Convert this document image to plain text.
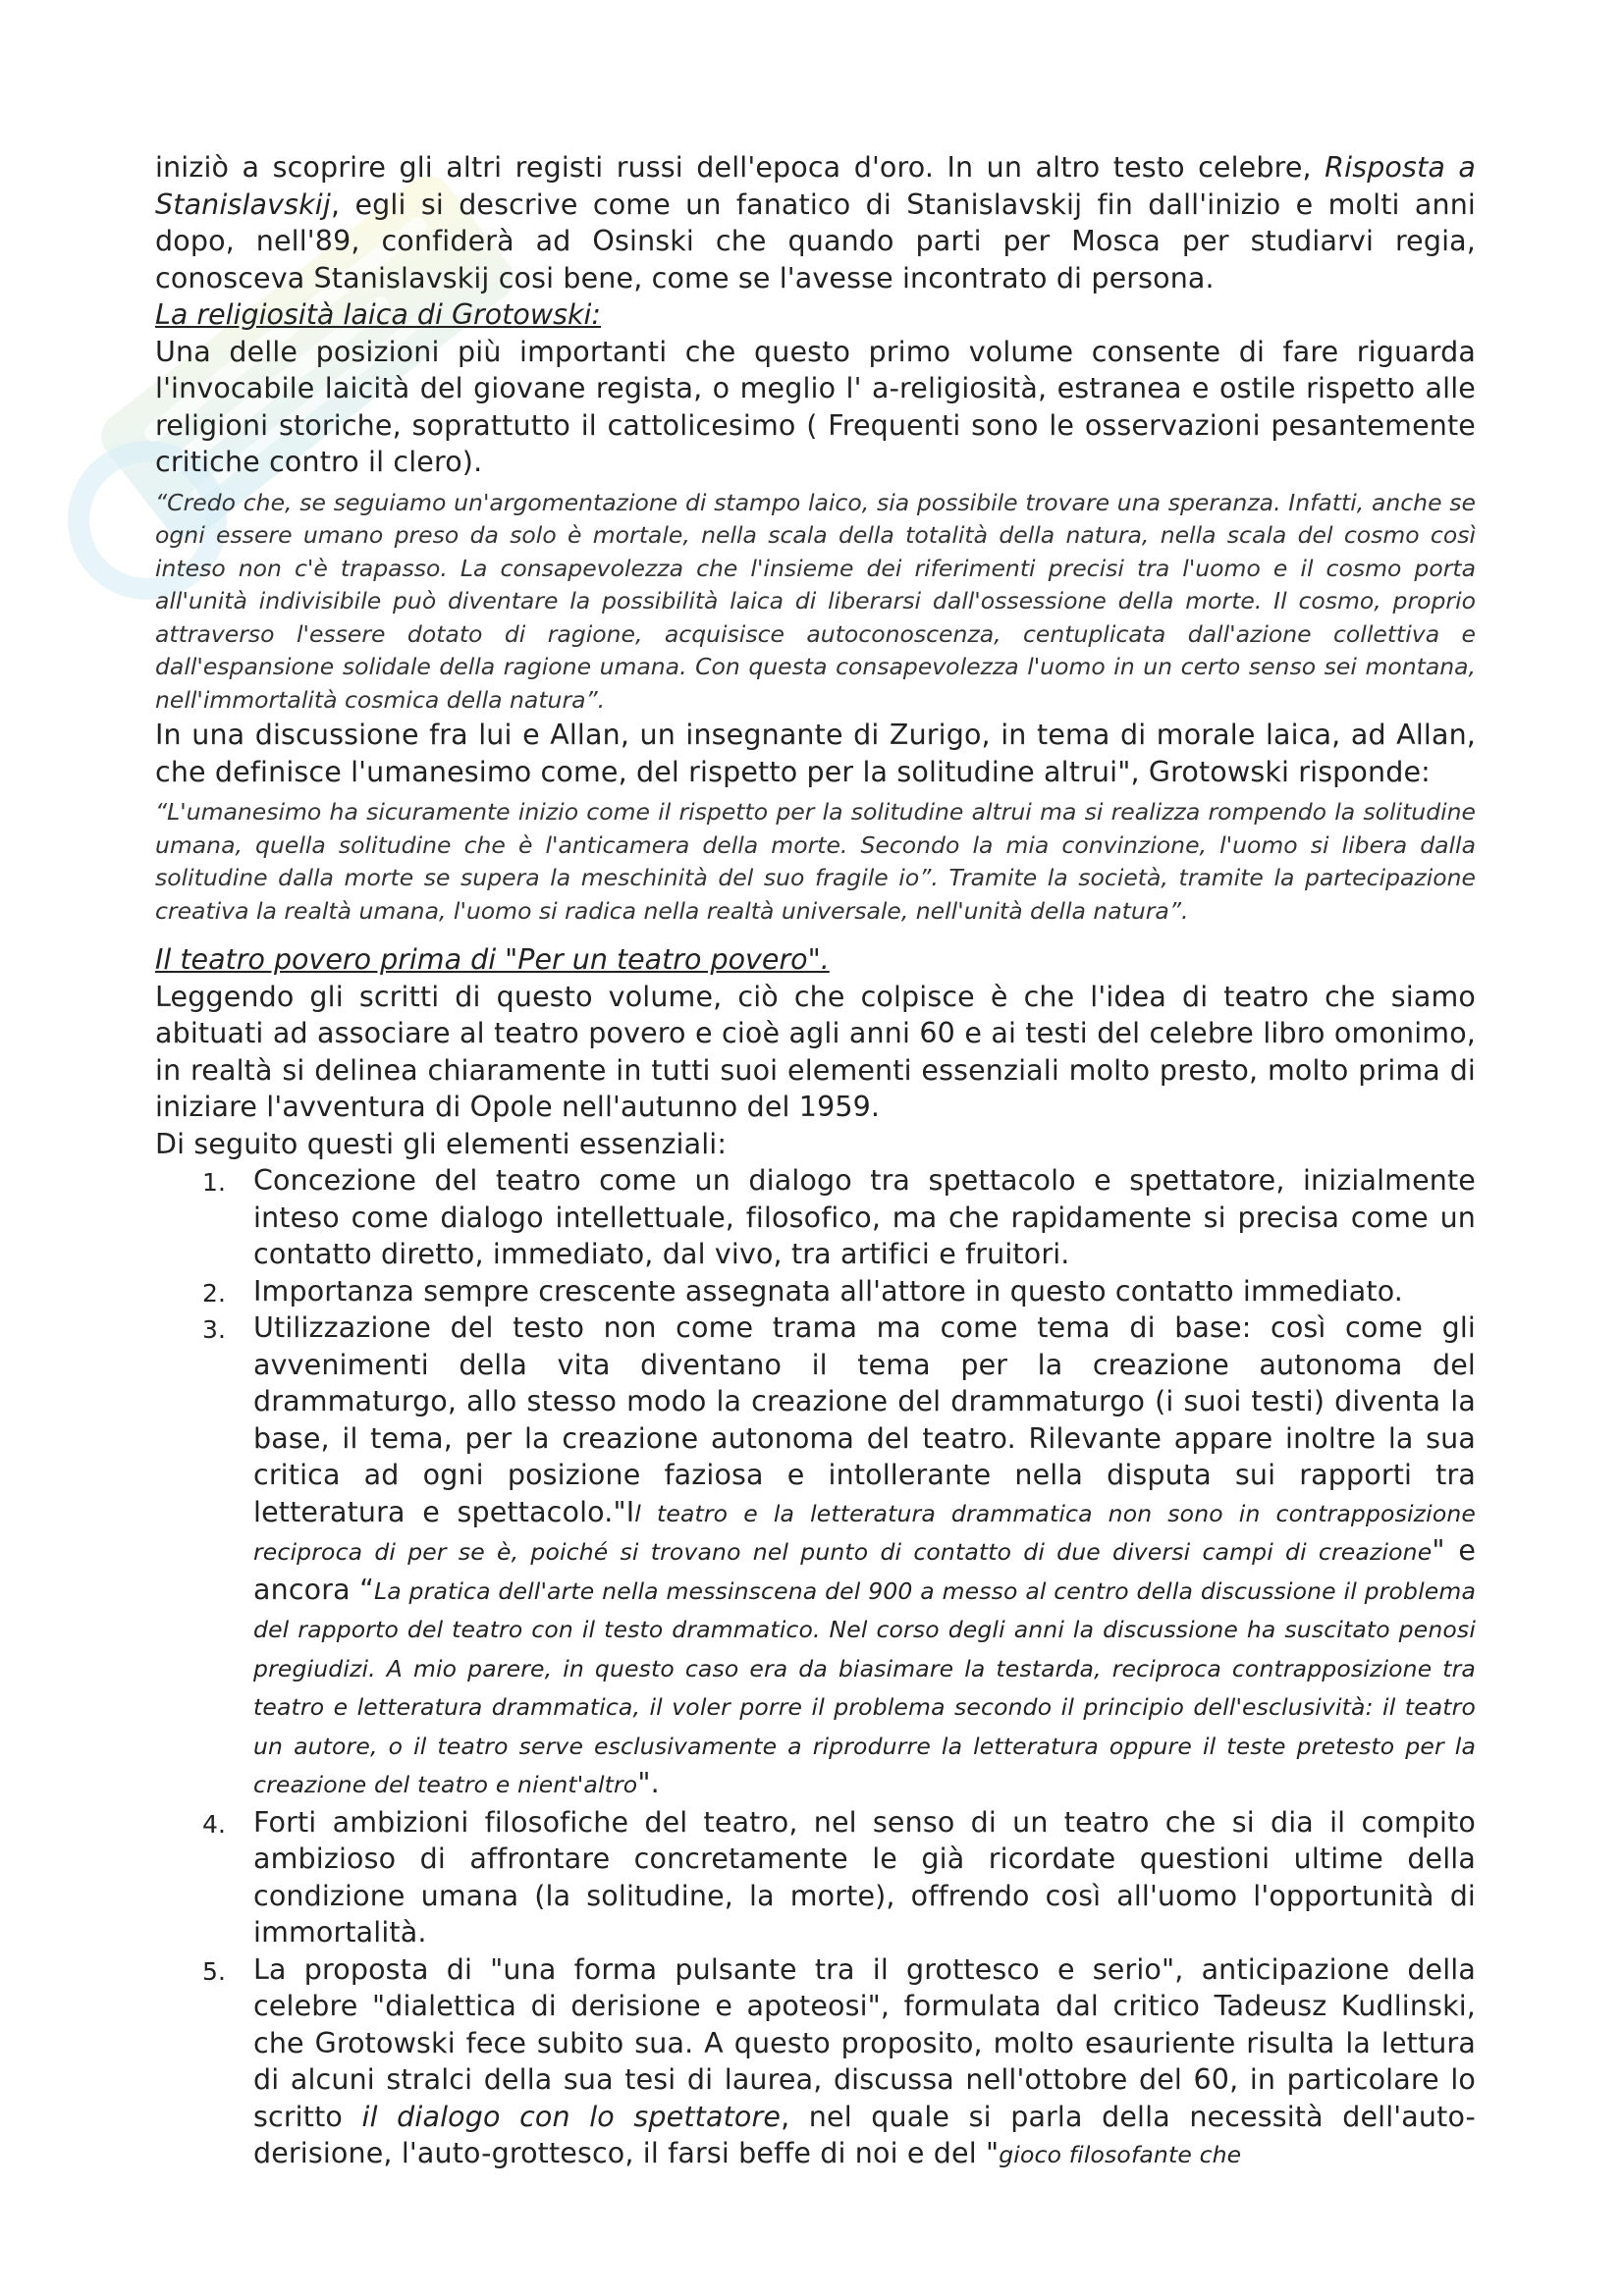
iniziò a scoprire gli altri registi russi dell'epoca d'oro. In un altro testo celebre, Risposta a Stanislavskij, egli si descrive come un fanatico di Stanislavskij fin dall'inizio e molti anni dopo, nell'89, confiderà ad Osinski che quando parti per Mosca per studiarvi regia, conosceva Stanislavskij cosi bene, come se l'avesse incontrato di persona.

La religiosità laica di Grotowski:

Una delle posizioni più importanti che questo primo volume consente di fare riguarda l'invocabile laicità del giovane regista, o meglio l' a-religiosità, estranea e ostile rispetto alle religioni storiche, soprattutto il cattolicesimo ( Frequenti sono le osservazioni pesantemente critiche contro il clero).

“Credo che, se seguiamo un'argomentazione di stampo laico, sia possibile trovare una speranza. Infatti, anche se ogni essere umano preso da solo è mortale, nella scala della totalità della natura, nella scala del cosmo così inteso non c'è trapasso. La consapevolezza che l'insieme dei riferimenti precisi tra l'uomo e il cosmo porta all'unità indivisibile può diventare la possibilità laica di liberarsi dall'ossessione della morte. Il cosmo, proprio attraverso l'essere dotato di ragione, acquisisce autoconoscenza, centuplicata dall'azione collettiva e dall'espansione solidale della ragione umana. Con questa consapevolezza l'uomo in un certo senso sei montana, nell'immortalità cosmica della natura”.

In una discussione fra lui e Allan, un insegnante di Zurigo, in tema di morale laica, ad Allan, che definisce l'umanesimo come, del rispetto per la solitudine altrui", Grotowski risponde:

“L'umanesimo ha sicuramente inizio come il rispetto per la solitudine altrui ma si realizza rompendo la solitudine umana, quella solitudine che è l'anticamera della morte. Secondo la mia convinzione, l'uomo si libera dalla solitudine dalla morte se supera la meschinità del suo fragile io”. Tramite la società, tramite la partecipazione creativa la realtà umana, l'uomo si radica nella realtà universale, nell'unità della natura”.

Il teatro povero prima di "Per un teatro povero".

Leggendo gli scritti di questo volume, ciò che colpisce è che l'idea di teatro che siamo abituati ad associare al teatro povero e cioè agli anni 60 e ai testi del celebre libro omonimo, in realtà si delinea chiaramente in tutti suoi elementi essenziali molto presto, molto prima di iniziare l'avventura di Opole nell'autunno del 1959.

Di seguito questi gli elementi essenziali:

1. Concezione del teatro come un dialogo tra spettacolo e spettatore, inizialmente inteso come dialogo intellettuale, filosofico, ma che rapidamente si precisa come un contatto diretto, immediato, dal vivo, tra artifici e fruitori.
2. Importanza sempre crescente assegnata all'attore in questo contatto immediato.
3. Utilizzazione del testo non come trama ma come tema di base: così come gli avvenimenti della vita diventano il tema per la creazione autonoma del drammaturgo, allo stesso modo la creazione del drammaturgo (i suoi testi) diventa la base, il tema, per la creazione autonoma del teatro. Rilevante appare inoltre la sua critica ad ogni posizione faziosa e intollerante nella disputa sui rapporti tra letteratura e spettacolo."Il teatro e la letteratura drammatica non sono in contrapposizione reciproca di per se è, poiché si trovano nel punto di contatto di due diversi campi di creazione" e ancora “La pratica dell'arte nella messinscena del 900 a messo al centro della discussione il problema del rapporto del teatro con il testo drammatico. Nel corso degli anni la discussione ha suscitato penosi pregiudizi. A mio parere, in questo caso era da biasimare la testarda, reciproca contrapposizione tra teatro e letteratura drammatica, il voler porre il problema secondo il principio dell'esclusività: il teatro un autore, o il teatro serve esclusivamente a riprodurre la letteratura oppure il teste pretesto per la creazione del teatro e nient'altro".
4. Forti ambizioni filosofiche del teatro, nel senso di un teatro che si dia il compito ambizioso di affrontare concretamente le già ricordate questioni ultime della condizione umana (la solitudine, la morte), offrendo così all'uomo l'opportunità di immortalità.
5. La proposta di "una forma pulsante tra il grottesco e serio", anticipazione della celebre "dialettica di derisione e apoteosi", formulata dal critico Tadeusz Kudlinski, che Grotowski fece subito sua. A questo proposito, molto esauriente risulta la lettura di alcuni stralci della sua tesi di laurea, discussa nell'ottobre del 60, in particolare lo scritto il dialogo con lo spettatore, nel quale si parla della necessità dell'auto-derisione, l'auto-grottesco, il farsi beffe di noi e del "gioco filosofante che
